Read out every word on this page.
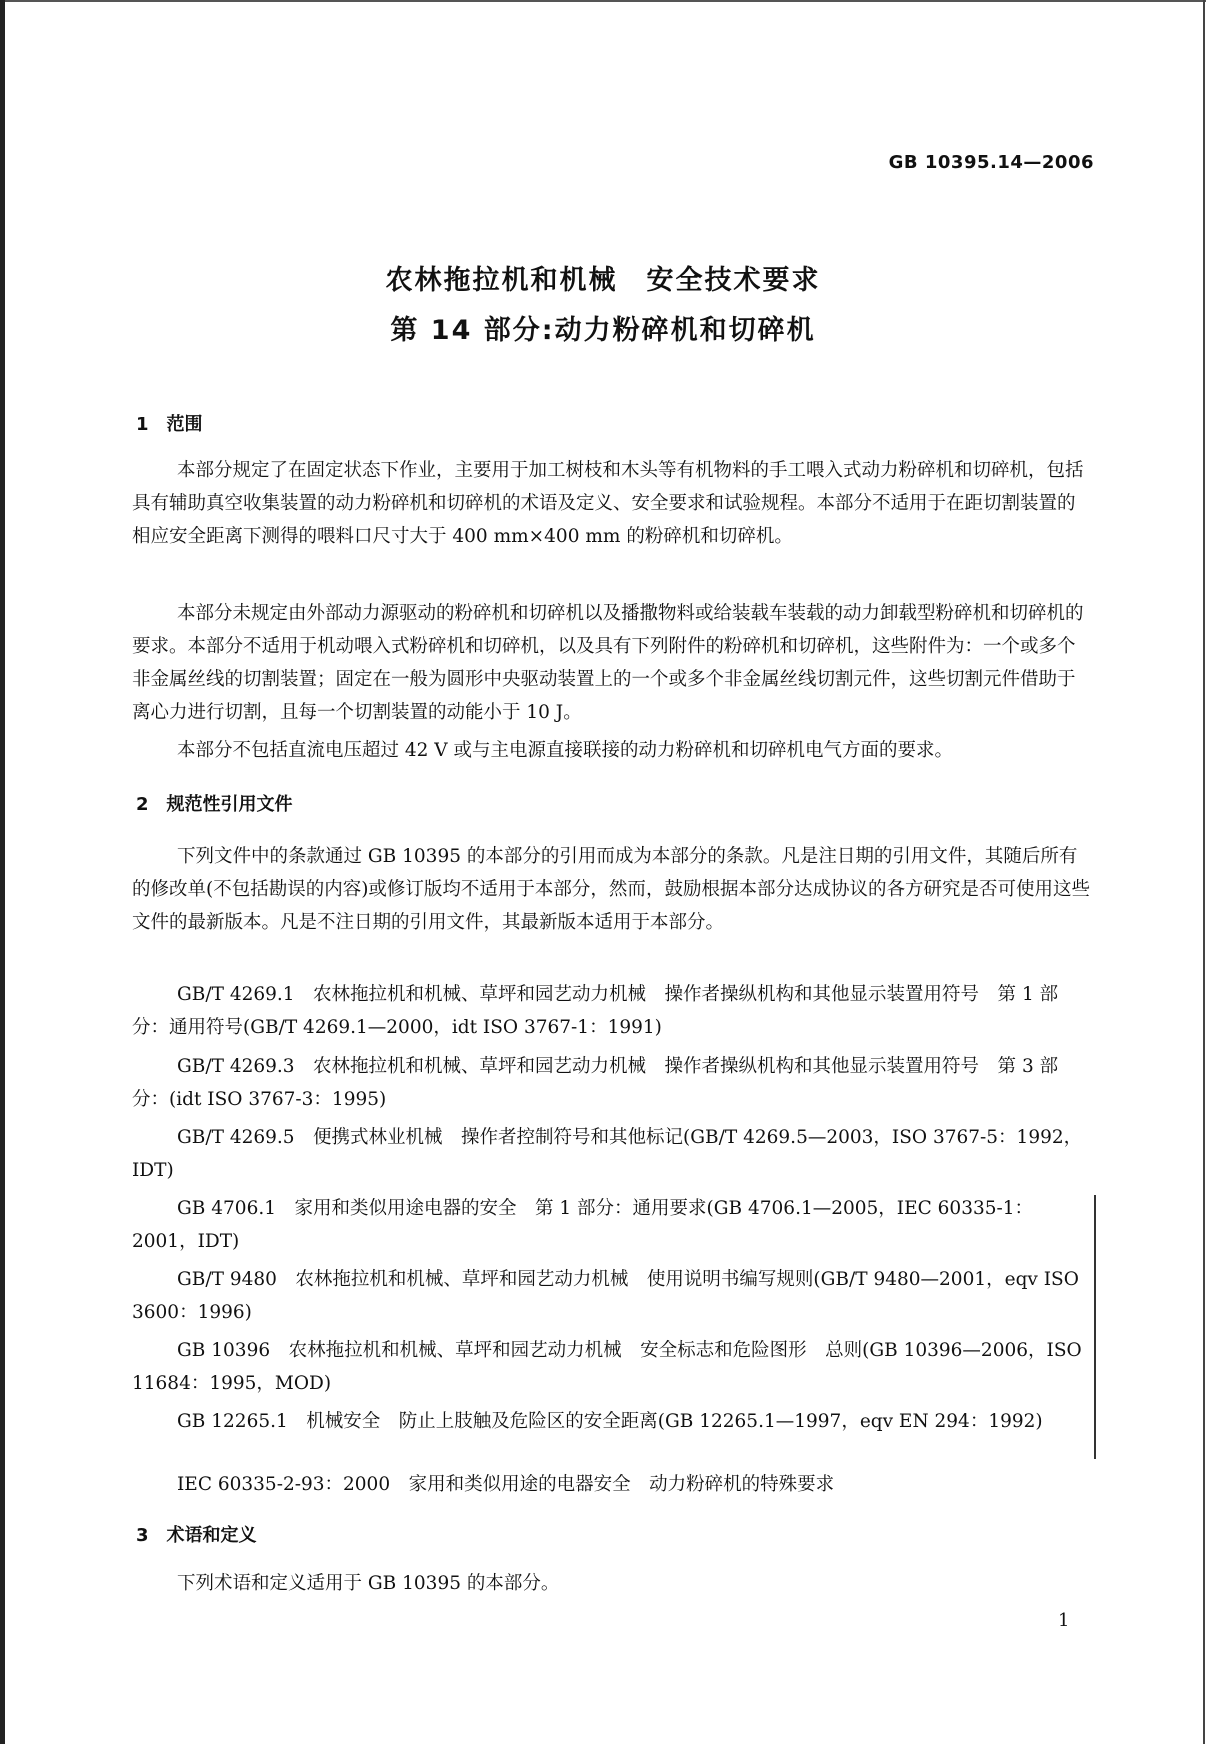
GB 10395.14—2006
农林拖拉机和机械　安全技术要求
第 14 部分:动力粉碎机和切碎机
1　范围

本部分规定了在固定状态下作业，主要用于加工树枝和木头等有机物料的手工喂入式动力粉碎机和切碎机，包括具有辅助真空收集装置的动力粉碎机和切碎机的术语及定义、安全要求和试验规程。本部分不适用于在距切割装置的相应安全距离下测得的喂料口尺寸大于 400 mm×400 mm 的粉碎机和切碎机。

本部分未规定由外部动力源驱动的粉碎机和切碎机以及播撒物料或给装载车装载的动力卸载型粉碎机和切碎机的要求。本部分不适用于机动喂入式粉碎机和切碎机，以及具有下列附件的粉碎机和切碎机，这些附件为：一个或多个非金属丝线的切割装置；固定在一般为圆形中央驱动装置上的一个或多个非金属丝线切割元件，这些切割元件借助于离心力进行切割，且每一个切割装置的动能小于 10 J。

本部分不包括直流电压超过 42 V 或与主电源直接联接的动力粉碎机和切碎机电气方面的要求。

2　规范性引用文件

下列文件中的条款通过 GB 10395 的本部分的引用而成为本部分的条款。凡是注日期的引用文件，其随后所有的修改单(不包括勘误的内容)或修订版均不适用于本部分，然而，鼓励根据本部分达成协议的各方研究是否可使用这些文件的最新版本。凡是不注日期的引用文件，其最新版本适用于本部分。

GB/T 4269.1　农林拖拉机和机械、草坪和园艺动力机械　操作者操纵机构和其他显示装置用符号　第 1 部分：通用符号(GB/T 4269.1—2000，idt ISO 3767-1：1991)

GB/T 4269.3　农林拖拉机和机械、草坪和园艺动力机械　操作者操纵机构和其他显示装置用符号　第 3 部分：(idt ISO 3767-3：1995)

GB/T 4269.5　便携式林业机械　操作者控制符号和其他标记(GB/T 4269.5—2003，ISO 3767-5：1992，IDT)

GB 4706.1　家用和类似用途电器的安全　第 1 部分：通用要求(GB 4706.1—2005，IEC 60335-1：2001，IDT)

GB/T 9480　农林拖拉机和机械、草坪和园艺动力机械　使用说明书编写规则(GB/T 9480—2001，eqv ISO 3600：1996)

GB 10396　农林拖拉机和机械、草坪和园艺动力机械　安全标志和危险图形　总则(GB 10396—2006，ISO 11684：1995，MOD)

GB 12265.1　机械安全　防止上肢触及危险区的安全距离(GB 12265.1—1997，eqv EN 294：1992)

IEC 60335-2-93：2000　家用和类似用途的电器安全　动力粉碎机的特殊要求

3　术语和定义

下列术语和定义适用于 GB 10395 的本部分。

1
